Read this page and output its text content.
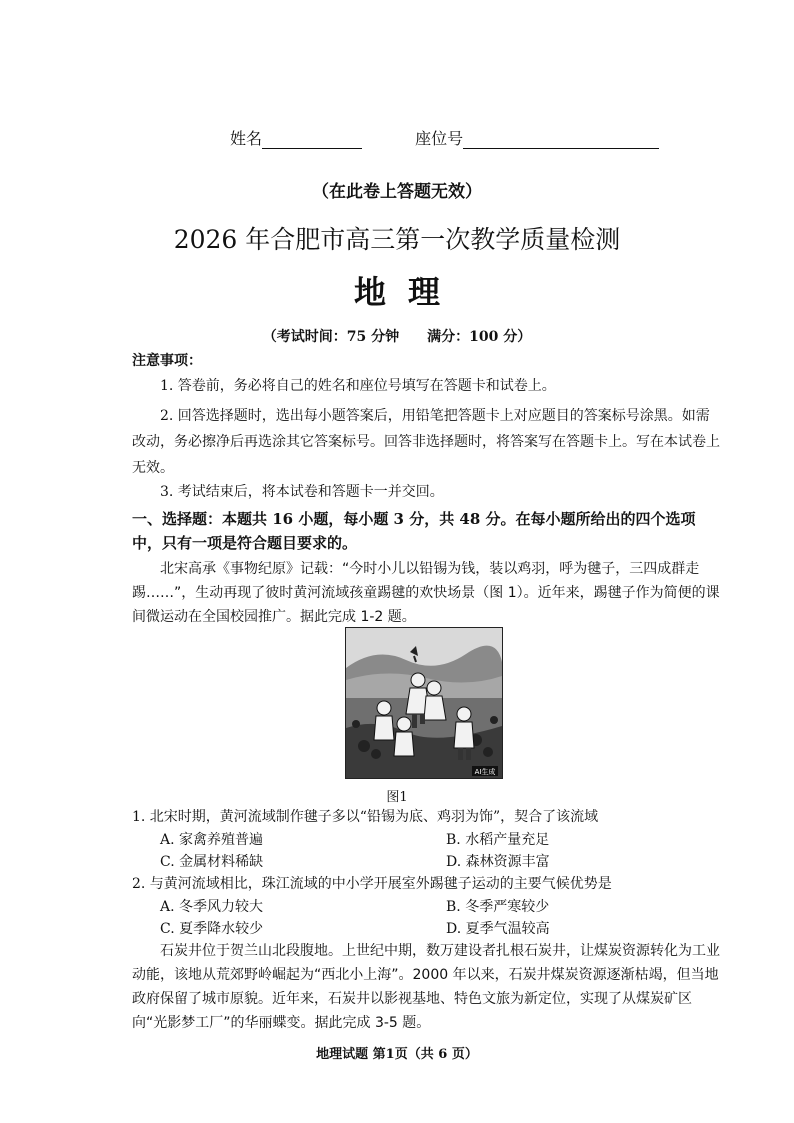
姓名	座位号
（在此卷上答题无效）
2026 年合肥市高三第一次教学质量检测
地理
（考试时间：75 分钟 满分：100 分）
注意事项：
1. 答卷前，务必将自己的姓名和座位号填写在答题卡和试卷上。
2. 回答选择题时，选出每小题答案后，用铅笔把答题卡上对应题目的答案标号涂黑。如需改动，务必擦净后再选涂其它答案标号。回答非选择题时，将答案写在答题卡上。写在本试卷上无效。
3. 考试结束后，将本试卷和答题卡一并交回。
一、选择题：本题共 16 小题，每小题 3 分，共 48 分。在每小题所给出的四个选项中，只有一项是符合题目要求的。
北宋高承《事物纪原》记载：“今时小儿以铅锡为钱，装以鸡羽，呼为毽子，三四成群走踢……”，生动再现了彼时黄河流域孩童踢毽的欢快场景（图 1）。近年来，踢毽子作为简便的课间微运动在全国校园推广。据此完成 1-2 题。
AI生成
图1
1. 北宋时期，黄河流域制作毽子多以“铅锡为底、鸡羽为饰”，契合了该流域
A. 家禽养殖普遍	B. 水稻产量充足
C. 金属材料稀缺	D. 森林资源丰富
2. 与黄河流域相比，珠江流域的中小学开展室外踢毽子运动的主要气候优势是
A. 冬季风力较大	B. 冬季严寒较少
C. 夏季降水较少	D. 夏季气温较高
石炭井位于贺兰山北段腹地。上世纪中期，数万建设者扎根石炭井，让煤炭资源转化为工业动能，该地从荒郊野岭崛起为“西北小上海”。2000 年以来，石炭井煤炭资源逐渐枯竭，但当地政府保留了城市原貌。近年来，石炭井以影视基地、特色文旅为新定位，实现了从煤炭矿区向“光影梦工厂”的华丽蝶变。据此完成 3-5 题。
地理试题 第1页（共 6 页）
